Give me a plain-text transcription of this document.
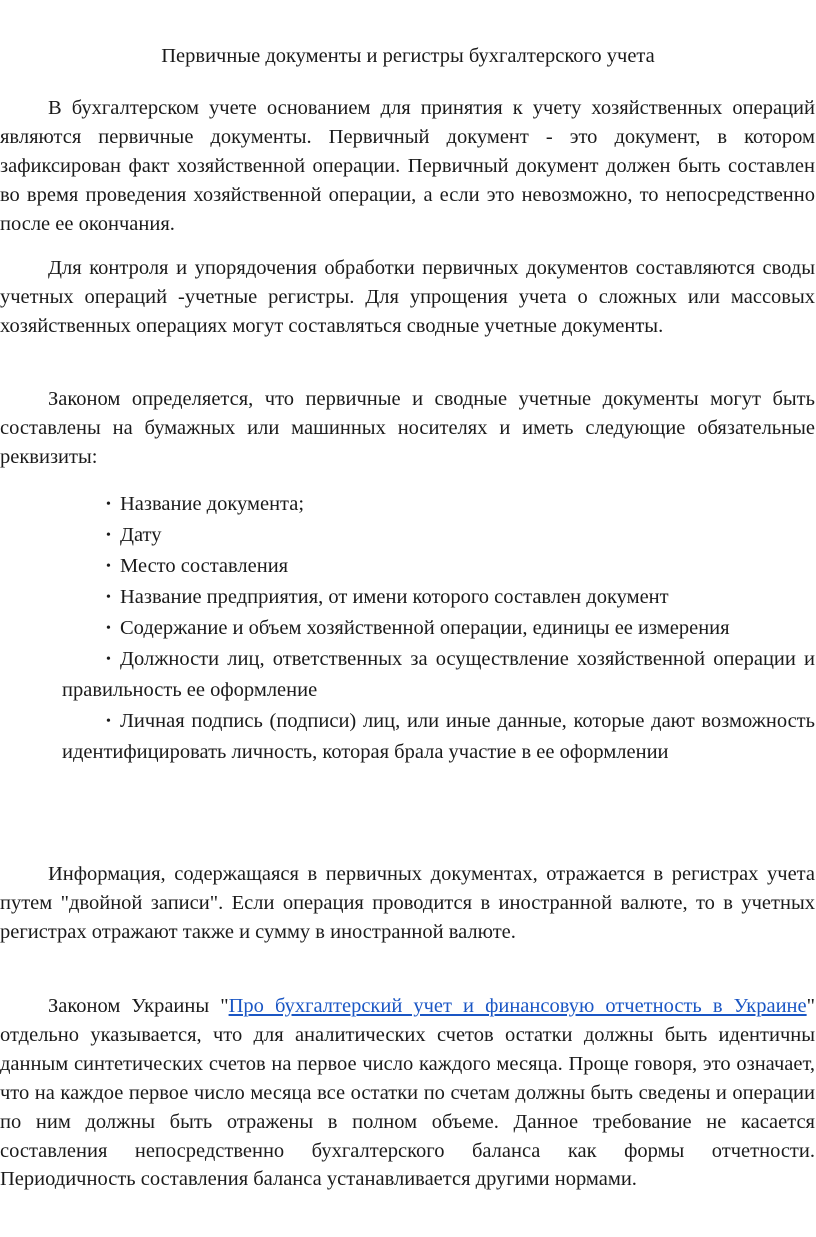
Первичные документы и регистры бухгалтерского учета

В бухгалтерском учете основанием для принятия к учету хозяйственных операций являются первичные документы. Первичный документ - это документ, в котором зафиксирован факт хозяйственной операции. Первичный документ должен быть составлен во время проведения хозяйственной операции, а если это невозможно, то непосредственно после ее окончания.

Для контроля и упорядочения обработки первичных документов составляются своды учетных операций -учетные регистры. Для упрощения учета о сложных или массовых хозяйственных операциях могут составляться сводные учетные документы.

Законом определяется, что первичные и сводные учетные документы могут быть составлены на бумажных или машинных носителях и иметь следующие обязательные реквизиты:

• Название документа;
• Дату
• Место составления
• Название предприятия, от имени которого составлен документ
• Содержание и объем хозяйственной операции, единицы ее измерения
• Должности лиц, ответственных за осуществление хозяйственной операции и правильность ее оформление
• Личная подпись (подписи) лиц, или иные данные, которые дают возможность идентифицировать личность, которая брала участие в ее оформлении

Информация, содержащаяся в первичных документах, отражается в регистрах учета путем "двойной записи". Если операция проводится в иностранной валюте, то в учетных регистрах отражают также и сумму в иностранной валюте.

Законом Украины "Про бухгалтерский учет и финансовую отчетность в Украине" отдельно указывается, что для аналитических счетов остатки должны быть идентичны данным синтетических счетов на первое число каждого месяца. Проще говоря, это означает, что на каждое первое число месяца все остатки по счетам должны быть сведены и операции по ним должны быть отражены в полном объеме. Данное требование не касается составления непосредственно бухгалтерского баланса как формы отчетности. Периодичность составления баланса устанавливается другими нормами.
